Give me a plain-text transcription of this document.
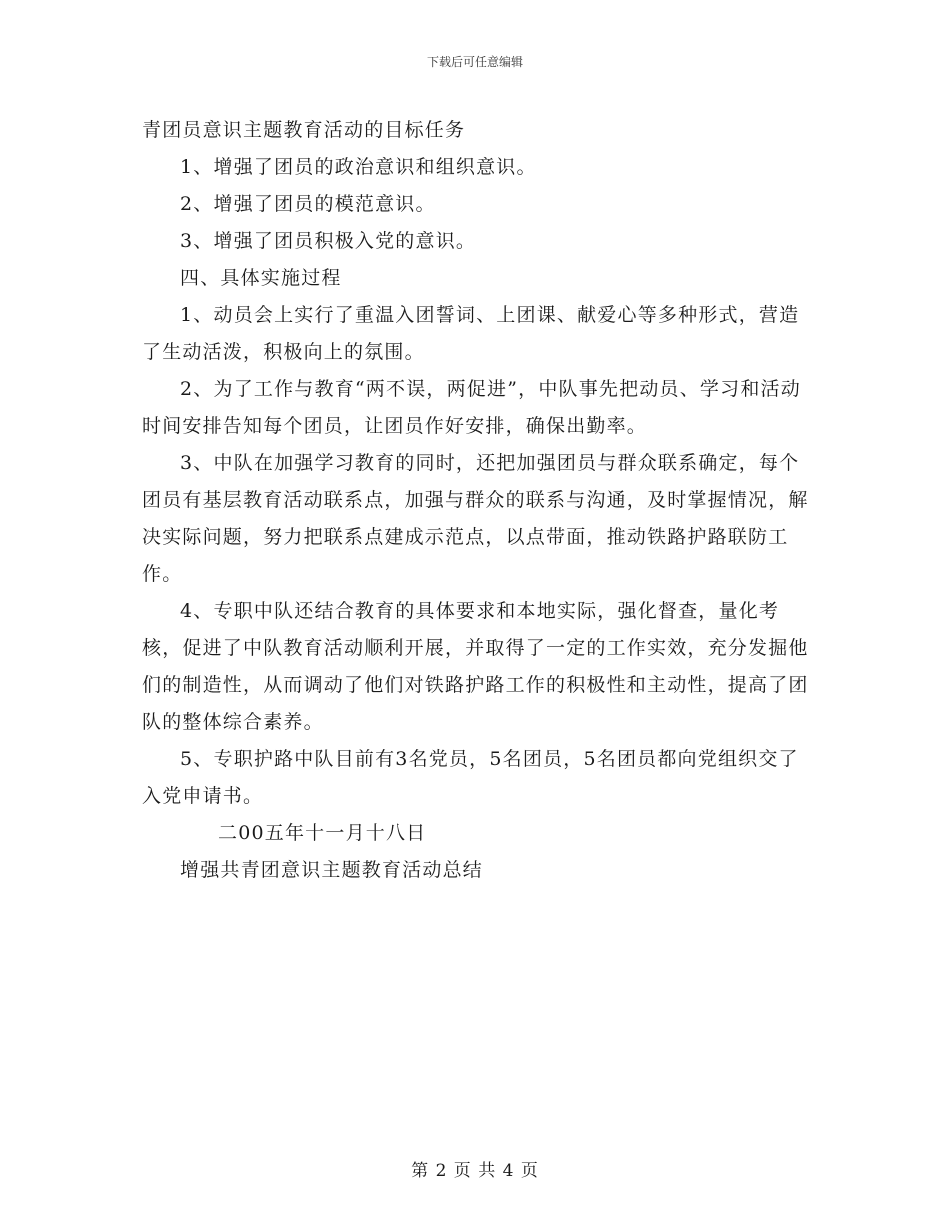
下载后可任意编辑

青团员意识主题教育活动的目标任务

1、增强了团员的政治意识和组织意识。

2、增强了团员的模范意识。

3、增强了团员积极入党的意识。

四、具体实施过程

1、动员会上实行了重温入团誓词、上团课、献爱心等多种形式，营造了生动活泼，积极向上的氛围。

2、为了工作与教育“两不误，两促进”，中队事先把动员、学习和活动时间安排告知每个团员，让团员作好安排，确保出勤率。

3、中队在加强学习教育的同时，还把加强团员与群众联系确定，每个团员有基层教育活动联系点，加强与群众的联系与沟通，及时掌握情况，解决实际问题，努力把联系点建成示范点，以点带面，推动铁路护路联防工作。

4、专职中队还结合教育的具体要求和本地实际，强化督查，量化考核，促进了中队教育活动顺利开展，并取得了一定的工作实效，充分发掘他们的制造性，从而调动了他们对铁路护路工作的积极性和主动性，提高了团队的整体综合素养。

5、专职护路中队目前有3名党员，5名团员，5名团员都向党组织交了入党申请书。

二00五年十一月十八日

增强共青团意识主题教育活动总结

第 2 页 共 4 页
